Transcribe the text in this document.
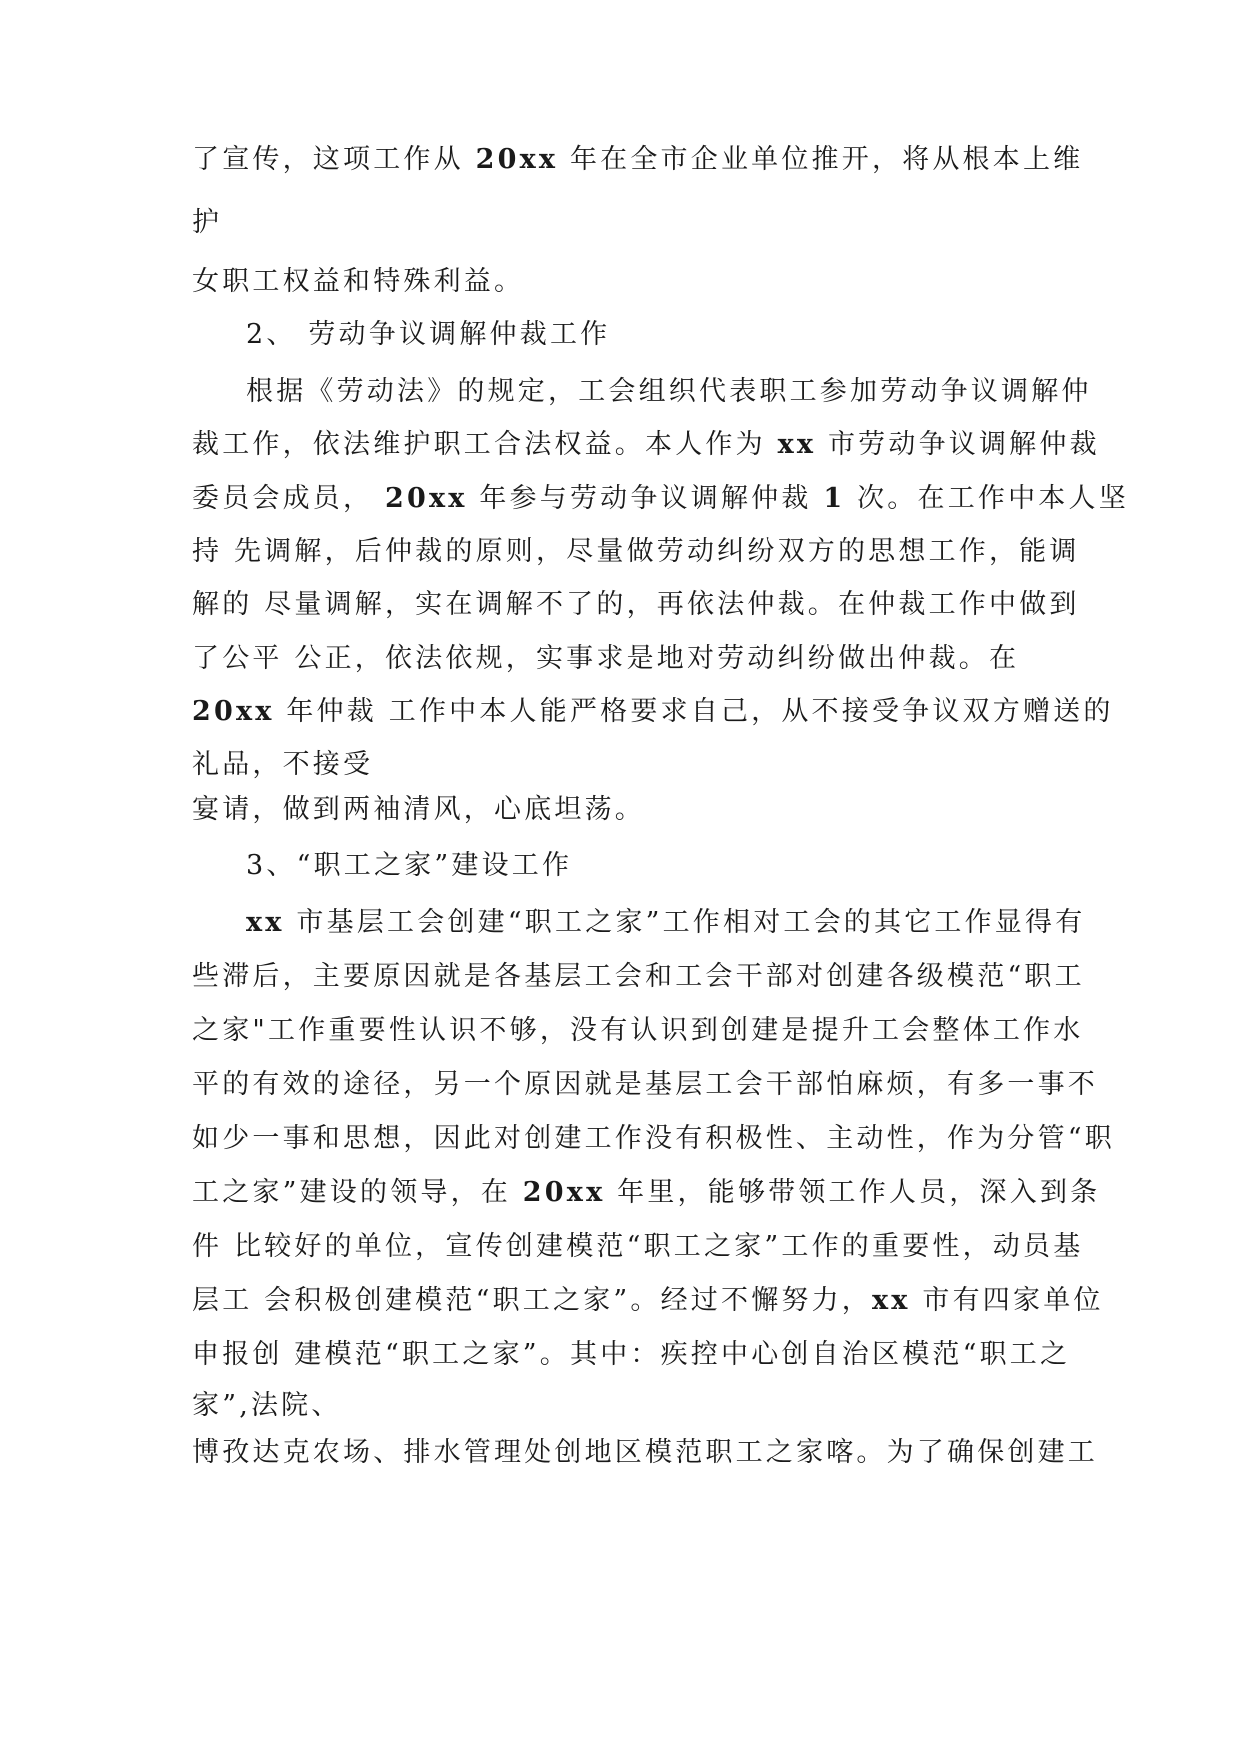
了宣传，这项工作从 20xx 年在全市企业单位推开，将从根本上维
护
女职工权益和特殊利益。
2、 劳动争议调解仲裁工作
根据《劳动法》的规定，工会组织代表职工参加劳动争议调解仲
裁工作，依法维护职工合法权益。本人作为 xx 市劳动争议调解仲裁
委员会成员， 20xx 年参与劳动争议调解仲裁 1 次。在工作中本人坚
持 先调解，后仲裁的原则，尽量做劳动纠纷双方的思想工作，能调
解的 尽量调解，实在调解不了的，再依法仲裁。在仲裁工作中做到
了公平 公正，依法依规，实事求是地对劳动纠纷做出仲裁。在
20xx 年仲裁 工作中本人能严格要求自己，从不接受争议双方赠送的
礼品，不接受
宴请，做到两袖清风，心底坦荡。
3、“职工之家”建设工作
xx 市基层工会创建“职工之家”工作相对工会的其它工作显得有
些滞后，主要原因就是各基层工会和工会干部对创建各级模范“职工
之家"工作重要性认识不够，没有认识到创建是提升工会整体工作水
平的有效的途径，另一个原因就是基层工会干部怕麻烦，有多一事不
如少一事和思想，因此对创建工作没有积极性、主动性，作为分管“职
工之家”建设的领导，在 20xx 年里，能够带领工作人员，深入到条
件 比较好的单位，宣传创建模范“职工之家”工作的重要性，动员基
层工 会积极创建模范“职工之家”。经过不懈努力，xx 市有四家单位
申报创 建模范“职工之家”。其中：疾控中心创自治区模范“职工之
家”,法院、
博孜达克农场、排水管理处创地区模范职工之家喀。为了确保创建工
